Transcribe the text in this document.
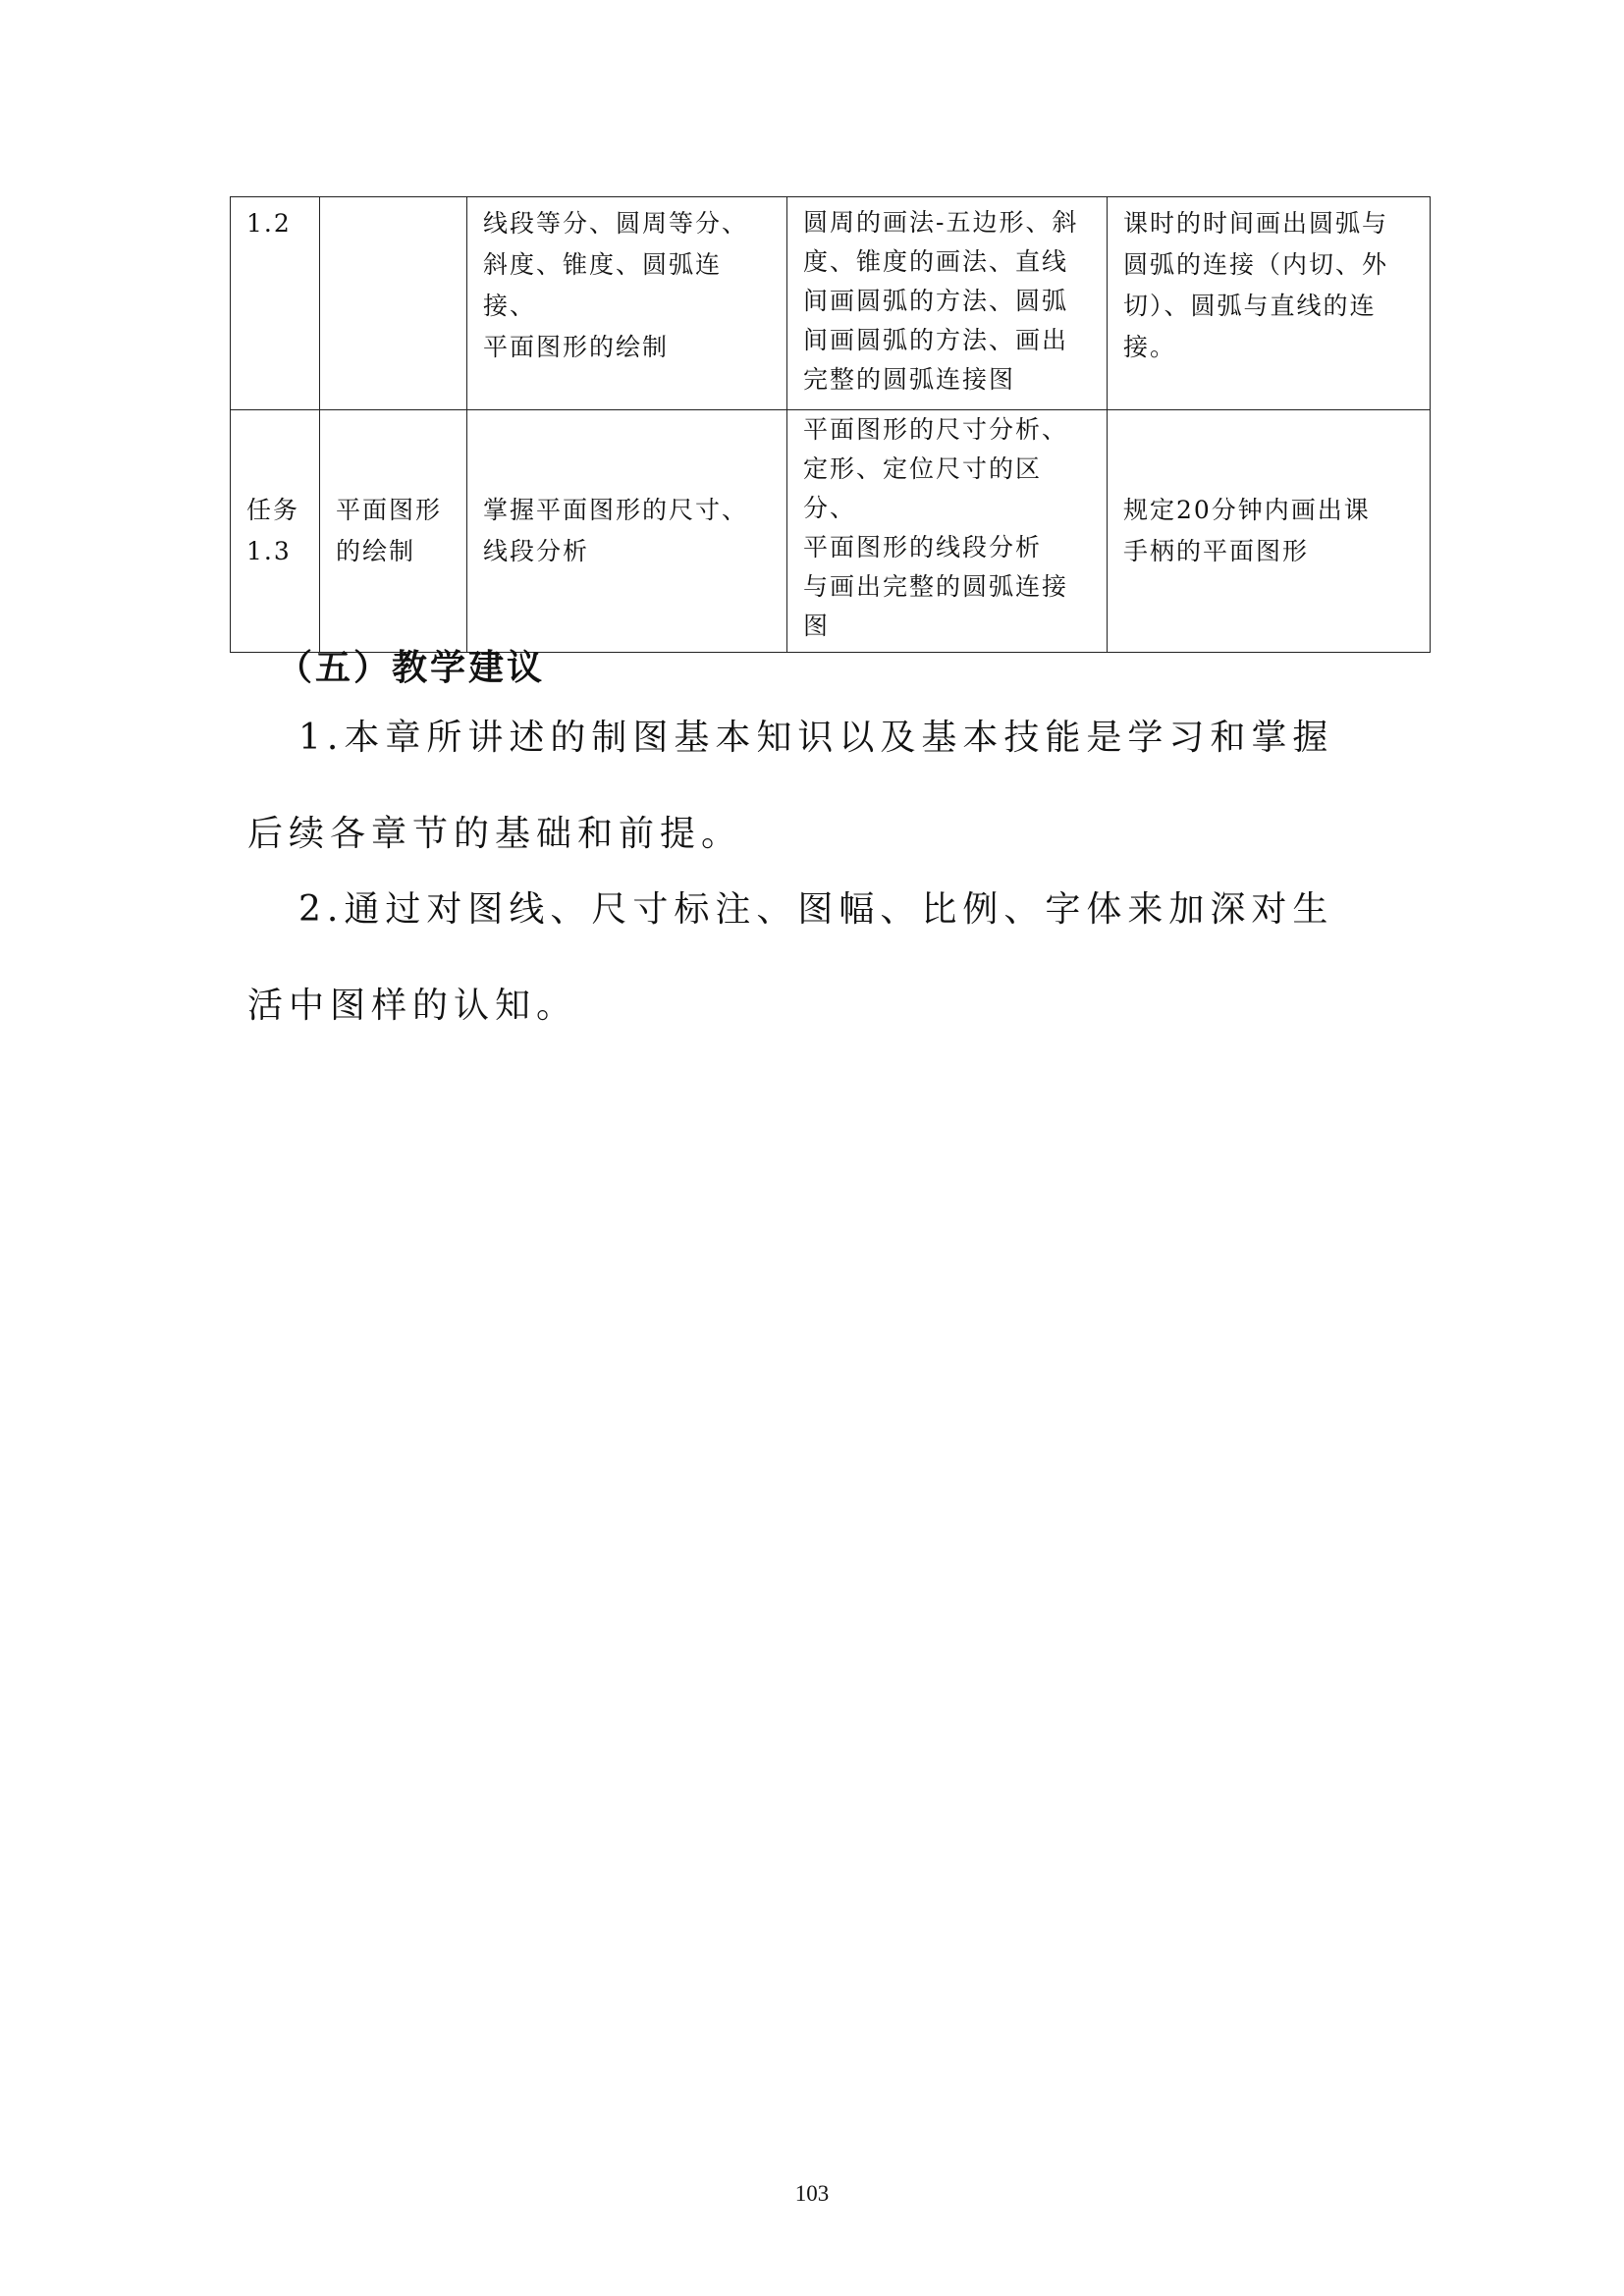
1.2		线段等分、圆周等分、
斜度、锥度、圆弧连接、
平面图形的绘制	圆周的画法-五边形、斜
度、锥度的画法、直线
间画圆弧的方法、圆弧
间画圆弧的方法、画出
完整的圆弧连接图	课时的时间画出圆弧与
圆弧的连接（内切、外
切）、圆弧与直线的连
接。

任务
1.3	平面图形
的绘制	掌握平面图形的尺寸、
线段分析	平面图形的尺寸分析、
定形、定位尺寸的区分、
平面图形的线段分析
与画出完整的圆弧连接
图	规定20分钟内画出课
手柄的平面图形
（五）教学建议

1.本章所讲述的制图基本知识以及基本技能是学习和掌握后续各章节的基础和前提。

2.通过对图线、尺寸标注、图幅、比例、字体来加深对生活中图样的认知。

103
